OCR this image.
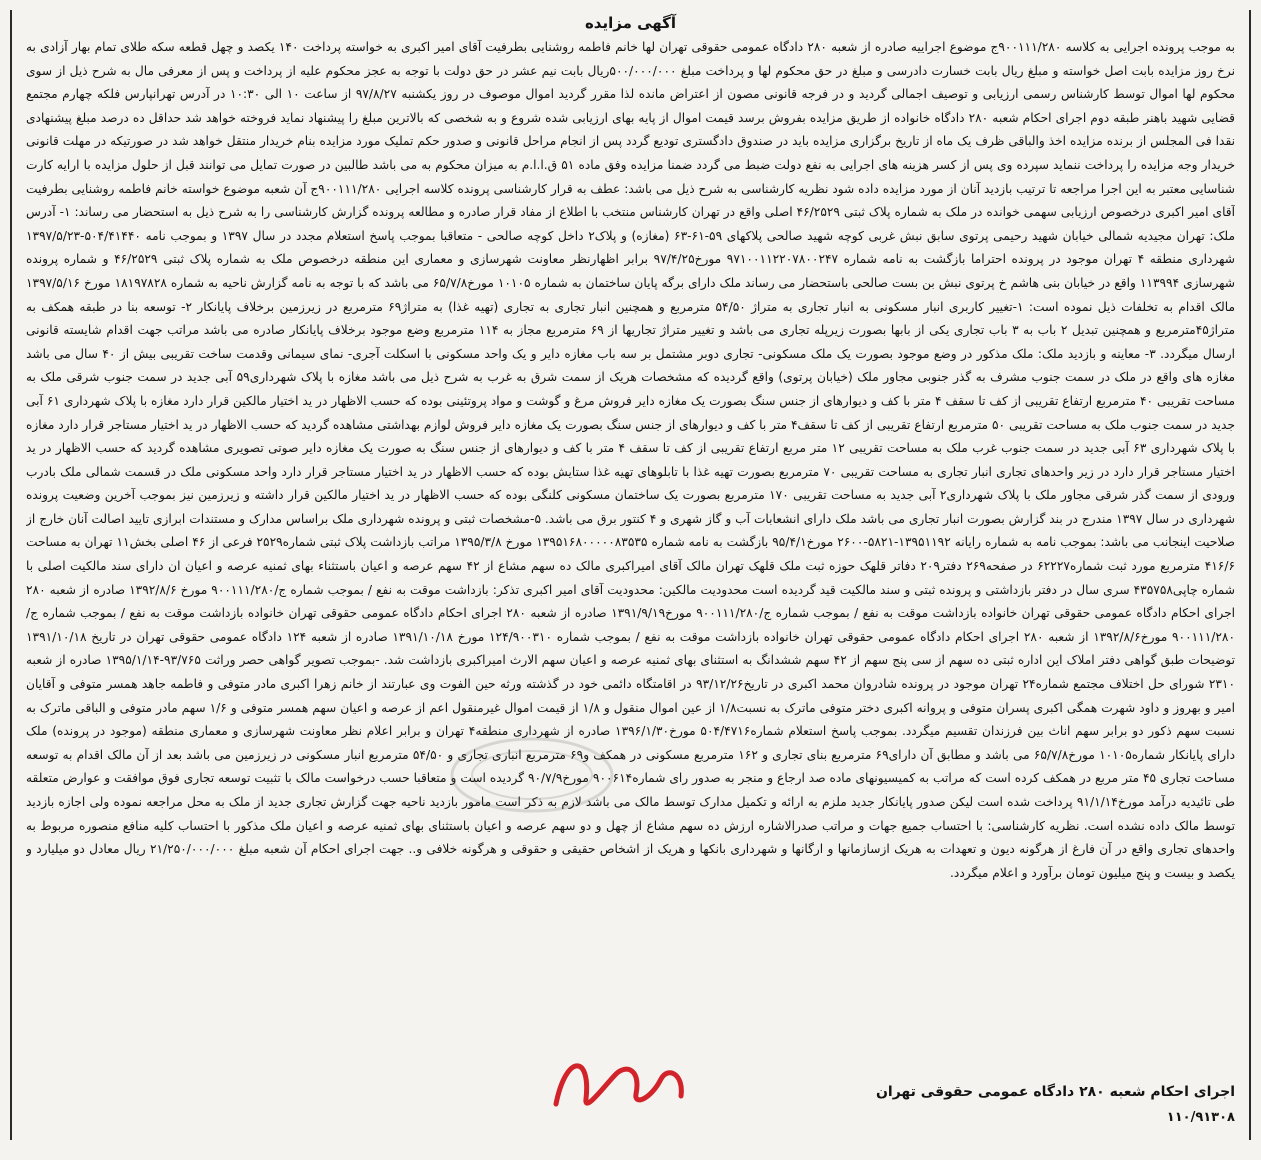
آگهی مزایده

به موجب پرونده اجرایی به کلاسه ۹۰۰۱۱۱/۲۸۰ج موضوع اجراییه صادره از شعبه ۲۸۰ دادگاه عمومی حقوقی تهران لها خانم فاطمه روشنایی بطرفیت آقای امیر اکبری به خواسته پرداخت ۱۴۰ یکصد و چهل قطعه سکه طلای تمام بهار آزادی به نرخ روز مزایده بابت اصل خواسته و مبلغ ریال بابت خسارت دادرسی و مبلغ در حق محکوم لها و پرداخت مبلغ ۵۰۰/۰۰۰/۰۰۰ریال بابت نیم عشر در حق دولت با توجه به عجز محکوم علیه از پرداخت و پس از معرفی مال به شرح ذیل از سوی محکوم لها اموال توسط کارشناس رسمی ارزیابی و توصیف اجمالی گردید و در فرجه قانونی مصون از اعتراض مانده لذا مقرر گردید اموال موصوف در روز یکشنبه ۹۷/۸/۲۷ از ساعت ۱۰ الی ۱۰:۳۰ در آدرس تهرانپارس فلکه چهارم مجتمع قضایی شهید باهنر طبقه دوم اجرای احکام شعبه ۲۸۰ دادگاه خانواده از طریق مزایده بفروش برسد قیمت اموال از پایه بهای ارزیابی شده شروع و به شخصی که بالاترین مبلغ را پیشنهاد نماید فروخته خواهد شد حداقل ده درصد مبلغ پیشنهادی نقدا فی المجلس از برنده مزایده اخذ والباقی ظرف یک ماه از تاریخ برگزاری مزایده باید در صندوق دادگستری تودیع گردد پس از انجام مراحل قانونی و صدور حکم تملیک مورد مزایده بنام خریدار منتقل خواهد شد در صورتیکه در مهلت قانونی خریدار وجه مزایده را پرداخت ننماید سپرده وی پس از کسر هزینه های اجرایی به نفع دولت ضبط می گردد ضمنا مزایده وفق ماده ۵۱ ق.ا.ا.م به میزان محکوم به می باشد طالبین در صورت تمایل می توانند قبل از حلول مزایده با ارایه کارت شناسایی معتبر به این اجرا مراجعه تا ترتیب بازدید آنان از مورد مزایده داده شود نظریه کارشناسی به شرح ذیل می باشد: عطف به قرار کارشناسی پرونده کلاسه اجرایی ۹۰۰۱۱۱/۲۸۰ج آن شعبه موضوع خواسته خانم فاطمه روشنایی بطرفیت آقای امیر اکبری درخصوص ارزیابی سهمی خوانده در ملک به شماره پلاک ثبتی ۴۶/۲۵۲۹ اصلی واقع در تهران کارشناس منتخب با اطلاع از مفاد قرار صادره و مطالعه پرونده گزارش کارشناسی را به شرح ذیل به استحضار می رساند: ۱- آدرس ملک: تهران مجیدیه شمالی خیابان شهید رحیمی پرتوی سابق نبش غربی کوچه شهید صالحی پلاکهای ۵۹-۶۱-۶۳ (مغازه) و پلاک۲ داخل کوچه صالحی - متعاقبا بموجب پاسخ استعلام مجدد در سال ۱۳۹۷ و بموجب نامه ۵۰۴/۴۱۴۴۰-۱۳۹۷/۵/۲۳ شهرداری منطقه ۴ تهران موجود در پرونده احتراما بازگشت به نامه شماره ۹۷۱۰۰۱۱۲۲۰۷۸۰۰۲۴۷ مورخ۹۷/۴/۲۵ برابر اظهارنظر معاونت شهرسازی و معماری این منطقه درخصوص ملک به شماره پلاک ثبتی ۴۶/۲۵۲۹ و شماره پرونده شهرسازی ۱۱۳۹۹۴ واقع در خیابان بنی هاشم خ پرتوی نبش بن بست صالحی باستحضار می رساند ملک دارای برگه پایان ساختمان به شماره ۱۰۱۰۵ مورخ۶۵/۷/۸ می باشد که با توجه به نامه گزارش ناحیه به شماره ۱۸۱۹۷۸۲۸ مورخ ۱۳۹۷/۵/۱۶ مالک اقدام به تخلفات ذیل نموده است: ۱-تغییر کاربری انبار مسکونی به انبار تجاری به متراژ ۵۴/۵۰ مترمربع و همچنین انبار تجاری به تجاری (تهیه غذا) به متراژ۶۹ مترمربع در زیرزمین برخلاف پایانکار ۲- توسعه بنا در طبقه همکف به متراژ۴۵مترمربع و همچنین تبدیل ۲ باب به ۳ باب تجاری یکی از بابها بصورت زیرپله تجاری می باشد و تغییر متراژ تجاریها از ۶۹ مترمربع مجاز به ۱۱۴ مترمربع وضع موجود برخلاف پایانکار صادره می باشد مراتب جهت اقدام شایسته قانونی ارسال میگردد. ۳- معاینه و بازدید ملک: ملک مذکور در وضع موجود بصورت یک ملک مسکونی- تجاری دوبر مشتمل بر سه باب مغازه دایر و یک واحد مسکونی با اسکلت آجری- نمای سیمانی وقدمت ساخت تقریبی بیش از ۴۰ سال می باشد مغازه های واقع در ملک در سمت جنوب مشرف به گذر جنوبی مجاور ملک (خیابان پرتوی) واقع گردیده که مشخصات هریک از سمت شرق به غرب به شرح ذیل می باشد مغازه با پلاک شهرداری۵۹ آبی جدید در سمت جنوب شرقی ملک به مساحت تقریبی ۴۰ مترمربع ارتفاع تقریبی از کف تا سقف ۴ متر با کف و دیوارهای از جنس سنگ بصورت یک مغازه دایر فروش مرغ و گوشت و مواد پروتئینی بوده که حسب الاظهار در ید اختیار مالکین قرار دارد مغازه با پلاک شهرداری ۶۱ آبی جدید در سمت جنوب ملک به مساحت تقریبی ۵۰ مترمربع ارتفاع تقریبی از کف تا سقف۴ متر با کف و دیوارهای از جنس سنگ بصورت یک مغازه دایر فروش لوازم بهداشتی مشاهده گردید که حسب الاظهار در ید اختیار مستاجر قرار دارد مغازه با پلاک شهرداری ۶۳ آبی جدید در سمت جنوب غرب ملک به مساحت تقریبی ۱۲ متر مربع ارتفاع تقریبی از کف تا سقف ۴ متر با کف و دیوارهای از جنس سنگ به صورت یک مغازه دایر صوتی تصویری مشاهده گردید که حسب الاظهار در ید اختیار مستاجر قرار دارد در زیر واحدهای تجاری انبار تجاری به مساحت تقریبی ۷۰ مترمربع بصورت تهیه غذا با تابلوهای تهیه غذا ستایش بوده که حسب الاظهار در ید اختیار مستاجر قرار دارد واحد مسکونی ملک در قسمت شمالی ملک بادرب ورودی از سمت گذر شرقی مجاور ملک با پلاک شهرداری۲ آبی جدید به مساحت تقریبی ۱۷۰ مترمربع بصورت یک ساختمان مسکونی کلنگی بوده که حسب الاظهار در ید اختیار مالکین قرار داشته و زیرزمین نیز بموجب آخرین وضعیت پرونده شهرداری در سال ۱۳۹۷ مندرج در بند گزارش بصورت انبار تجاری می باشد ملک دارای انشعابات آب و گاز شهری و ۴ کنتور برق می باشد. ۵-مشخصات ثبتی و پرونده شهرداری ملک براساس مدارک و مستندات ابرازی تایید اصالت آنان خارج از صلاحیت اینجانب می باشد: بموجب نامه به شماره رایانه ۱۳۹۵۱۱۹۲-۵۸۲۱-۲۶۰۰ مورخ۹۵/۴/۱ بازگشت به نامه شماره ۱۳۹۵۱۶۸۰۰۰۰۰۸۳۵۳۵ مورخ ۱۳۹۵/۳/۸ مراتب بازداشت پلاک ثبتی شماره۲۵۲۹ فرعی از ۴۶ اصلی بخش۱۱ تهران به مساحت ۴۱۶/۶ مترمربع مورد ثبت شماره۶۲۲۲۷ در صفحه۲۶۹ دفتر۲۰۹ دفاتر قلهک حوزه ثبت ملک قلهک تهران مالک آقای امیراکبری مالک ده سهم مشاع از ۴۲ سهم عرصه و اعیان باستثناء بهای ثمنیه عرصه و اعیان ان دارای سند مالکیت اصلی با شماره چاپی۴۳۵۷۵۸ سری سال در دفتر بازداشتی و پرونده ثبتی و سند مالکیت قید گردیده است محدودیت مالکین: محدودیت آقای امیر اکبری تذکر: بازداشت موقت به نفع / بموجب شماره ج/۹۰۰۱۱۱/۲۸۰ مورخ ۱۳۹۲/۸/۶ صادره از شعبه ۲۸۰ اجرای احکام دادگاه عمومی حقوقی تهران خانواده بازداشت موقت به نفع / بموجب شماره ج/۹۰۰۱۱۱/۲۸۰ مورخ۱۳۹۱/۹/۱۹ صادره از شعبه ۲۸۰ اجرای احکام دادگاه عمومی حقوقی تهران خانواده بازداشت موقت به نفع / بموجب شماره ج/۹۰۰۱۱۱/۲۸۰ مورخ۱۳۹۲/۸/۶ از شعبه ۲۸۰ اجرای احکام دادگاه عمومی حقوقی تهران خانواده بازداشت موقت به نفع / بموجب شماره ۱۲۴/۹۰۰۳۱۰ مورخ ۱۳۹۱/۱۰/۱۸ صادره از شعبه ۱۲۴ دادگاه عمومی حقوقی تهران در تاریخ ۱۳۹۱/۱۰/۱۸ توضیحات طبق گواهی دفتر املاک این اداره ثبتی ده سهم از سی پنج سهم از ۴۲ سهم ششدانگ به استثنای بهای ثمنیه عرصه و اعیان سهم الارث امیراکبری بازداشت شد. -بموجب تصویر گواهی حصر وراثت ۹۳/۷۶۵-۱۳۹۵/۱/۱۴ صادره از شعبه ۲۳۱۰ شورای حل اختلاف مجتمع شماره۲۴ تهران موجود در پرونده شادروان محمد اکبری در تاریخ۹۳/۱۲/۲۶ در اقامتگاه دائمی خود در گذشته ورثه حین الفوت وی عبارتند از خانم زهرا اکبری مادر متوفی و فاطمه جاهد همسر متوفی و آقایان امیر و بهروز و داود شهرت همگی اکبری پسران متوفی و پروانه اکبری دختر متوفی ماترک به نسبت۱/۸ از عین اموال منقول و ۱/۸ از قیمت اموال غیرمنقول اعم از عرصه و اعیان سهم همسر متوفی و ۱/۶ سهم مادر متوفی و الباقی ماترک به نسبت سهم ذکور دو برابر سهم اناث بین فرزندان تقسیم میگردد. بموجب پاسخ استعلام شماره۵۰۴/۴۷۱۶ مورخ۱۳۹۶/۱/۳۰ صادره از شهرداری منطقه۴ تهران و برابر اعلام نظر معاونت شهرسازی و معماری منطقه (موجود در پرونده) ملک دارای پایانکار شماره۱۰۱۰۵ مورخ۶۵/۷/۸ می باشد و مطابق آن دارای۶۹ مترمربع بنای تجاری و ۱۶۲ مترمربع مسکونی در همکف و۶۹ مترمربع انباری تجاری و ۵۴/۵۰ مترمربع انبار مسکونی در زیرزمین می باشد بعد از آن مالک اقدام به توسعه مساحت تجاری ۴۵ متر مربع در همکف کرده است که مراتب به کمیسیونهای ماده صد ارجاع و منجر به صدور رای شماره۹۰۰۶۱۴ مورخ۹۰/۷/۹ گردیده است و متعاقبا حسب درخواست مالک با تثبیت توسعه تجاری فوق موافقت و عوارض متعلقه طی تائیدیه درآمد مورخ۹۱/۱/۱۴ پرداخت شده است لیکن صدور پایانکار جدید ملزم به ارائه و تکمیل مدارک توسط مالک می باشد لازم به ذکر است مامور بازدید ناحیه جهت گزارش تجاری جدید از ملک به محل مراجعه نموده ولی اجازه بازدید توسط مالک داده نشده است. نظریه کارشناسی: با احتساب جمیع جهات و مراتب صدرالاشاره ارزش ده سهم مشاع از چهل و دو سهم عرصه و اعیان باستثنای بهای ثمنیه عرصه و اعیان ملک مذکور با احتساب کلیه منافع منصوره مربوط به واحدهای تجاری واقع در آن فارغ از هرگونه دیون و تعهدات به هریک ازسازمانها و ارگانها و شهرداری بانکها و هریک از اشخاص حقیقی و حقوقی و هرگونه خلافی و.. جهت اجرای احکام آن شعبه مبلغ ۲۱/۲۵۰/۰۰۰/۰۰۰ ریال معادل دو میلیارد و یکصد و بیست و پنج میلیون تومان برآورد و اعلام میگردد.

اجرای احکام شعبه ۲۸۰ دادگاه عمومی حقوقی تهران
۱۱۰/۹۱۳۰۸
